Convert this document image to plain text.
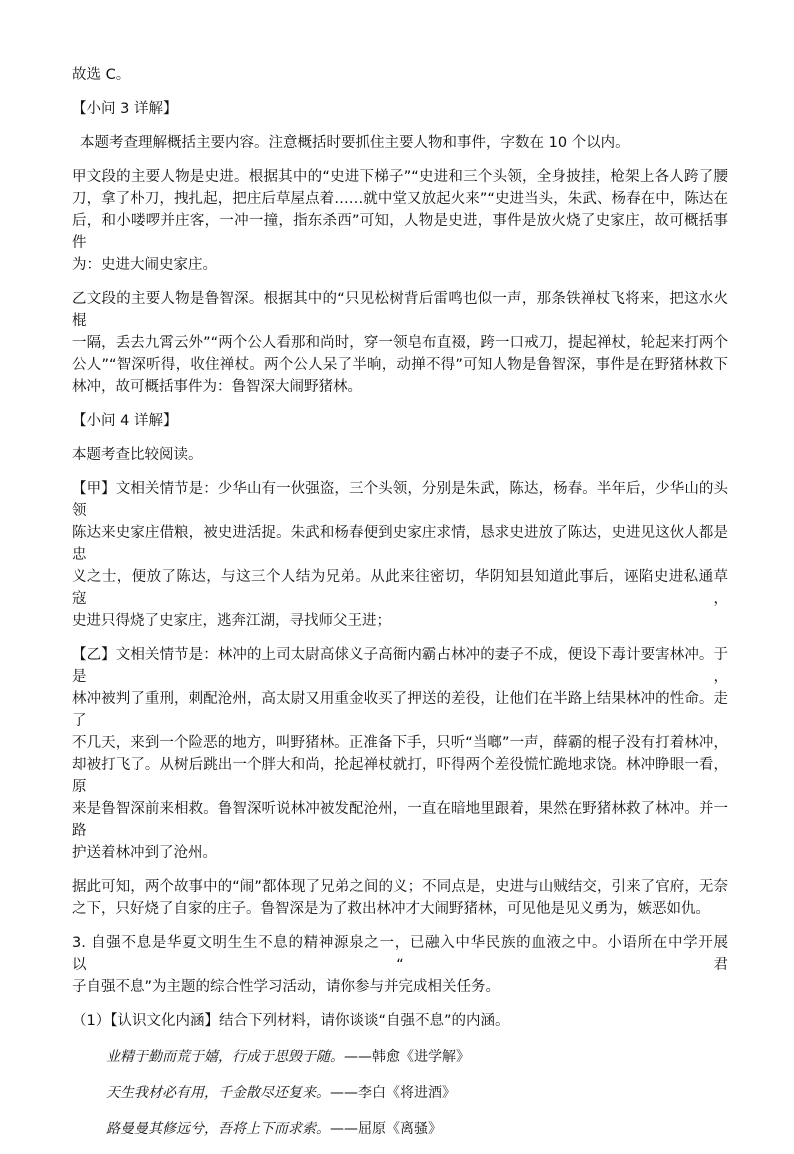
故选 C。

【小问 3 详解】

本题考查理解概括主要内容。注意概括时要抓住主要人物和事件，字数在 10 个以内。

甲文段的主要人物是史进。根据其中的“史进下梯子”“史进和三个头领，全身披挂，枪架上各人跨了腰

刀，拿了朴刀，拽扎起，把庄后草屋点着……就中堂又放起火来”“史进当头，朱武、杨春在中，陈达在

后，和小喽啰并庄客，一冲一撞，指东杀西”可知，人物是史进，事件是放火烧了史家庄，故可概括事件

为：史进大闹史家庄。

乙文段的主要人物是鲁智深。根据其中的“只见松树背后雷鸣也似一声，那条铁禅杖飞将来，把这水火棍

一隔，丢去九霄云外”“两个公人看那和尚时，穿一领皂布直裰，跨一口戒刀，提起禅杖，轮起来打两个

公人”“智深听得，收住禅杖。两个公人呆了半晌，动掸不得”可知人物是鲁智深，事件是在野猪林救下

林冲，故可概括事件为：鲁智深大闹野猪林。

【小问 4 详解】

本题考查比较阅读。

【甲】文相关情节是：少华山有一伙强盗，三个头领，分别是朱武，陈达，杨春。半年后，少华山的头领

陈达来史家庄借粮，被史进活捉。朱武和杨春便到史家庄求情，恳求史进放了陈达，史进见这伙人都是忠

义之士，便放了陈达，与这三个人结为兄弟。从此来往密切，华阴知县知道此事后，诬陷史进私通草寇，

史进只得烧了史家庄，逃奔江湖，寻找师父王进；

【乙】文相关情节是：林冲的上司太尉高俅义子高衙内霸占林冲的妻子不成，便设下毒计要害林冲。于是，

林冲被判了重刑，刺配沧州，高太尉又用重金收买了押送的差役，让他们在半路上结果林冲的性命。走了

不几天，来到一个险恶的地方，叫野猪林。正准备下手，只听“当啷”一声，薛霸的棍子没有打着林冲，

却被打飞了。从树后跳出一个胖大和尚，抡起禅杖就打，吓得两个差役慌忙跪地求饶。林冲睁眼一看，原

来是鲁智深前来相救。鲁智深听说林冲被发配沧州，一直在暗地里跟着，果然在野猪林救了林冲。并一路

护送着林冲到了沧州。

据此可知，两个故事中的“闹”都体现了兄弟之间的义；不同点是，史进与山贼结交，引来了官府，无奈

之下，只好烧了自家的庄子。鲁智深是为了救出林冲才大闹野猪林，可见他是见义勇为，嫉恶如仇。

3. 自强不息是华夏文明生生不息的精神源泉之一，已融入中华民族的血液之中。小语所在中学开展以“君

子自强不息”为主题的综合性学习活动，请你参与并完成相关任务。

（1）【认识文化内涵】结合下列材料，请你谈谈“自强不息”的内涵。

业精于勤而荒于嬉，行成于思毁于随。——韩愈《进学解》

天生我材必有用，千金散尽还复来。——李白《将进酒》

路曼曼其修远兮，吾将上下而求索。——屈原《离骚》
